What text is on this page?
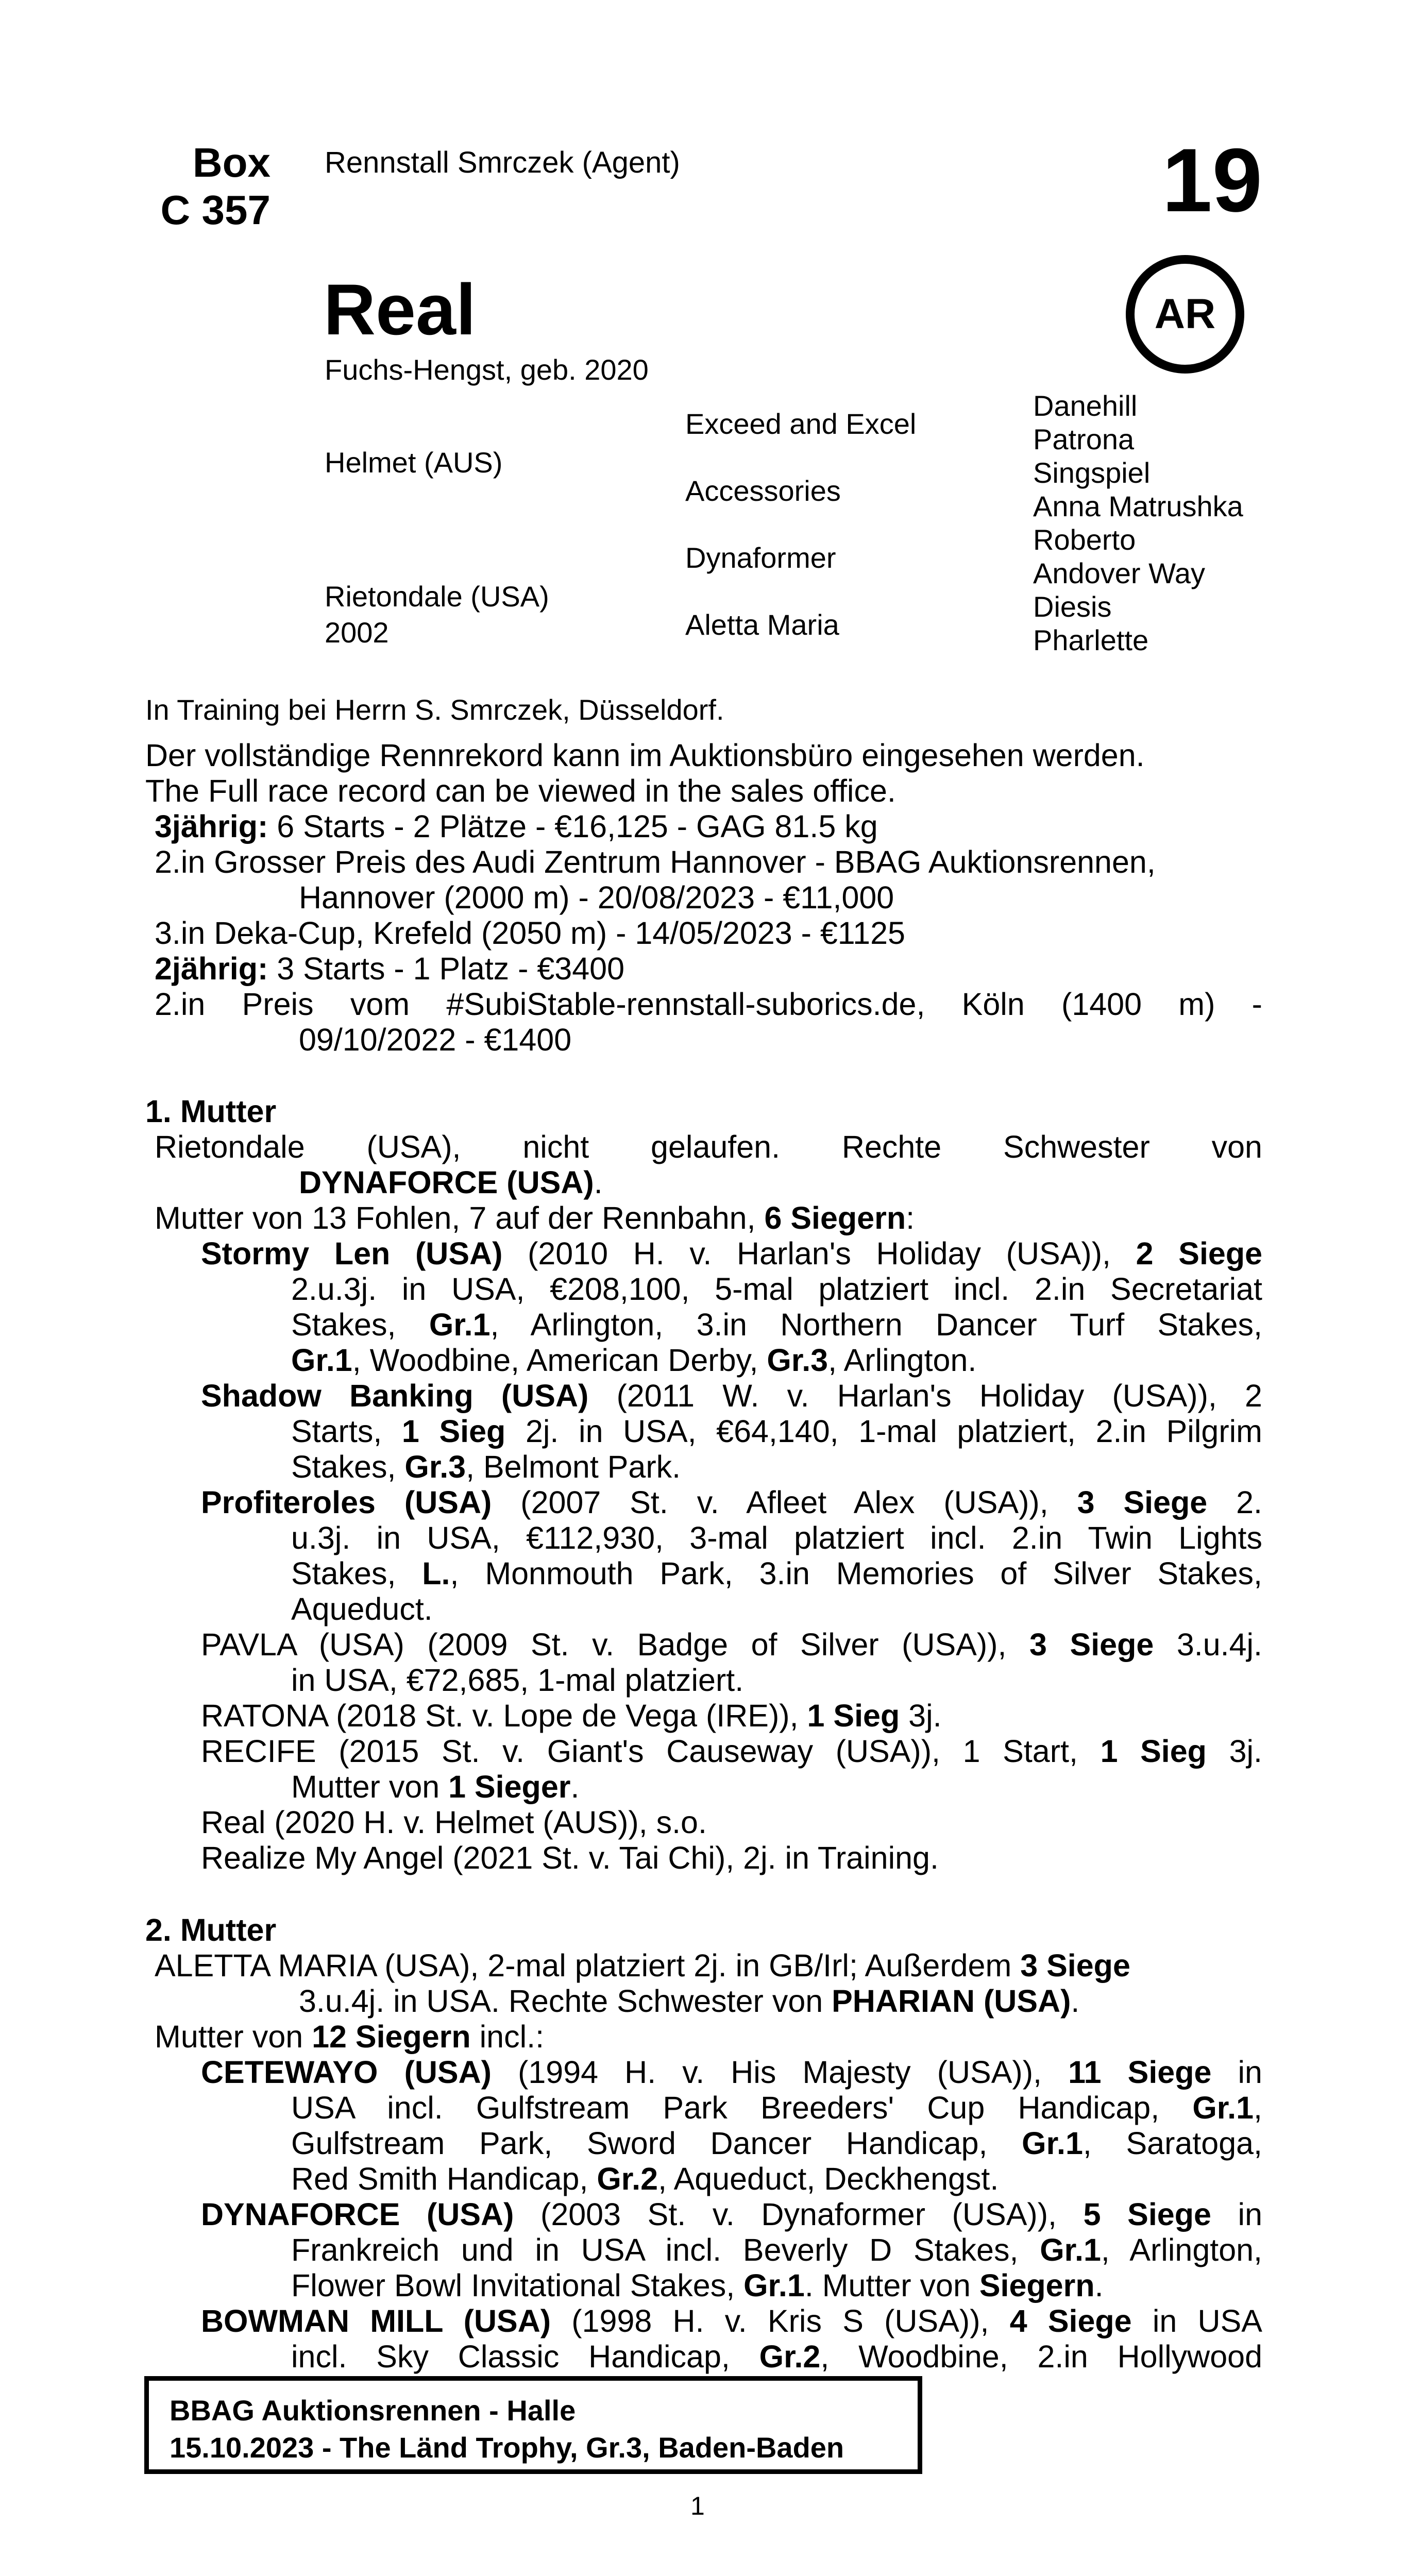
Box
C 357
Rennstall Smrczek (Agent)	19
AR
Real
Fuchs-Hengst, geb. 2020
Helmet (AUS)
Rietondale (USA)
2002
Exceed and Excel
Accessories
Dynaformer
Aletta Maria
Danehill
Patrona
Singspiel
Anna Matrushka
Roberto
Andover Way
Diesis
Pharlette
In Training bei Herrn S. Smrczek, Düsseldorf.
Der vollständige Rennrekord kann im Auktionsbüro eingesehen werden.
The Full race record can be viewed in the sales office.
3jährig: 6 Starts - 2 Plätze - €16,125 - GAG 81.5 kg
2.in Grosser Preis des Audi Zentrum Hannover - BBAG Auktionsrennen,
Hannover (2000 m) - 20/08/2023 - €11,000
3.in Deka-Cup, Krefeld (2050 m) - 14/05/2023 - €1125
2jährig: 3 Starts - 1 Platz - €3400
2.in Preis vom #SubiStable-rennstall-suborics.de, Köln (1400 m) -
09/10/2022 - €1400
1. Mutter
Rietondale (USA), nicht gelaufen. Rechte Schwester von
DYNAFORCE (USA).
Mutter von 13 Fohlen, 7 auf der Rennbahn, 6 Siegern:
Stormy Len (USA) (2010 H. v. Harlan's Holiday (USA)), 2 Siege
2.u.3j. in USA, €208,100, 5-mal platziert incl. 2.in Secretariat
Stakes, Gr.1, Arlington, 3.in Northern Dancer Turf Stakes,
Gr.1, Woodbine, American Derby, Gr.3, Arlington.
Shadow Banking (USA) (2011 W. v. Harlan's Holiday (USA)), 2
Starts, 1 Sieg 2j. in USA, €64,140, 1-mal platziert, 2.in Pilgrim
Stakes, Gr.3, Belmont Park.
Profiteroles (USA) (2007 St. v. Afleet Alex (USA)), 3 Siege 2.
u.3j. in USA, €112,930, 3-mal platziert incl. 2.in Twin Lights
Stakes, L., Monmouth Park, 3.in Memories of Silver Stakes,
Aqueduct.
PAVLA (USA) (2009 St. v. Badge of Silver (USA)), 3 Siege 3.u.4j.
in USA, €72,685, 1-mal platziert.
RATONA (2018 St. v. Lope de Vega (IRE)), 1 Sieg 3j.
RECIFE (2015 St. v. Giant's Causeway (USA)), 1 Start, 1 Sieg 3j.
Mutter von 1 Sieger.
Real (2020 H. v. Helmet (AUS)), s.o.
Realize My Angel (2021 St. v. Tai Chi), 2j. in Training.
2. Mutter
ALETTA MARIA (USA), 2-mal platziert 2j. in GB/Irl; Außerdem 3 Siege
3.u.4j. in USA. Rechte Schwester von PHARIAN (USA).
Mutter von 12 Siegern incl.:
CETEWAYO (USA) (1994 H. v. His Majesty (USA)), 11 Siege in
USA incl. Gulfstream Park Breeders' Cup Handicap, Gr.1,
Gulfstream Park, Sword Dancer Handicap, Gr.1, Saratoga,
Red Smith Handicap, Gr.2, Aqueduct, Deckhengst.
DYNAFORCE (USA) (2003 St. v. Dynaformer (USA)), 5 Siege in
Frankreich und in USA incl. Beverly D Stakes, Gr.1, Arlington,
Flower Bowl Invitational Stakes, Gr.1. Mutter von Siegern.
BOWMAN MILL (USA) (1998 H. v. Kris S (USA)), 4 Siege in USA
incl. Sky Classic Handicap, Gr.2, Woodbine, 2.in Hollywood
BBAG Auktionsrennen - Halle
15.10.2023 - The Länd Trophy, Gr.3, Baden-Baden
1
